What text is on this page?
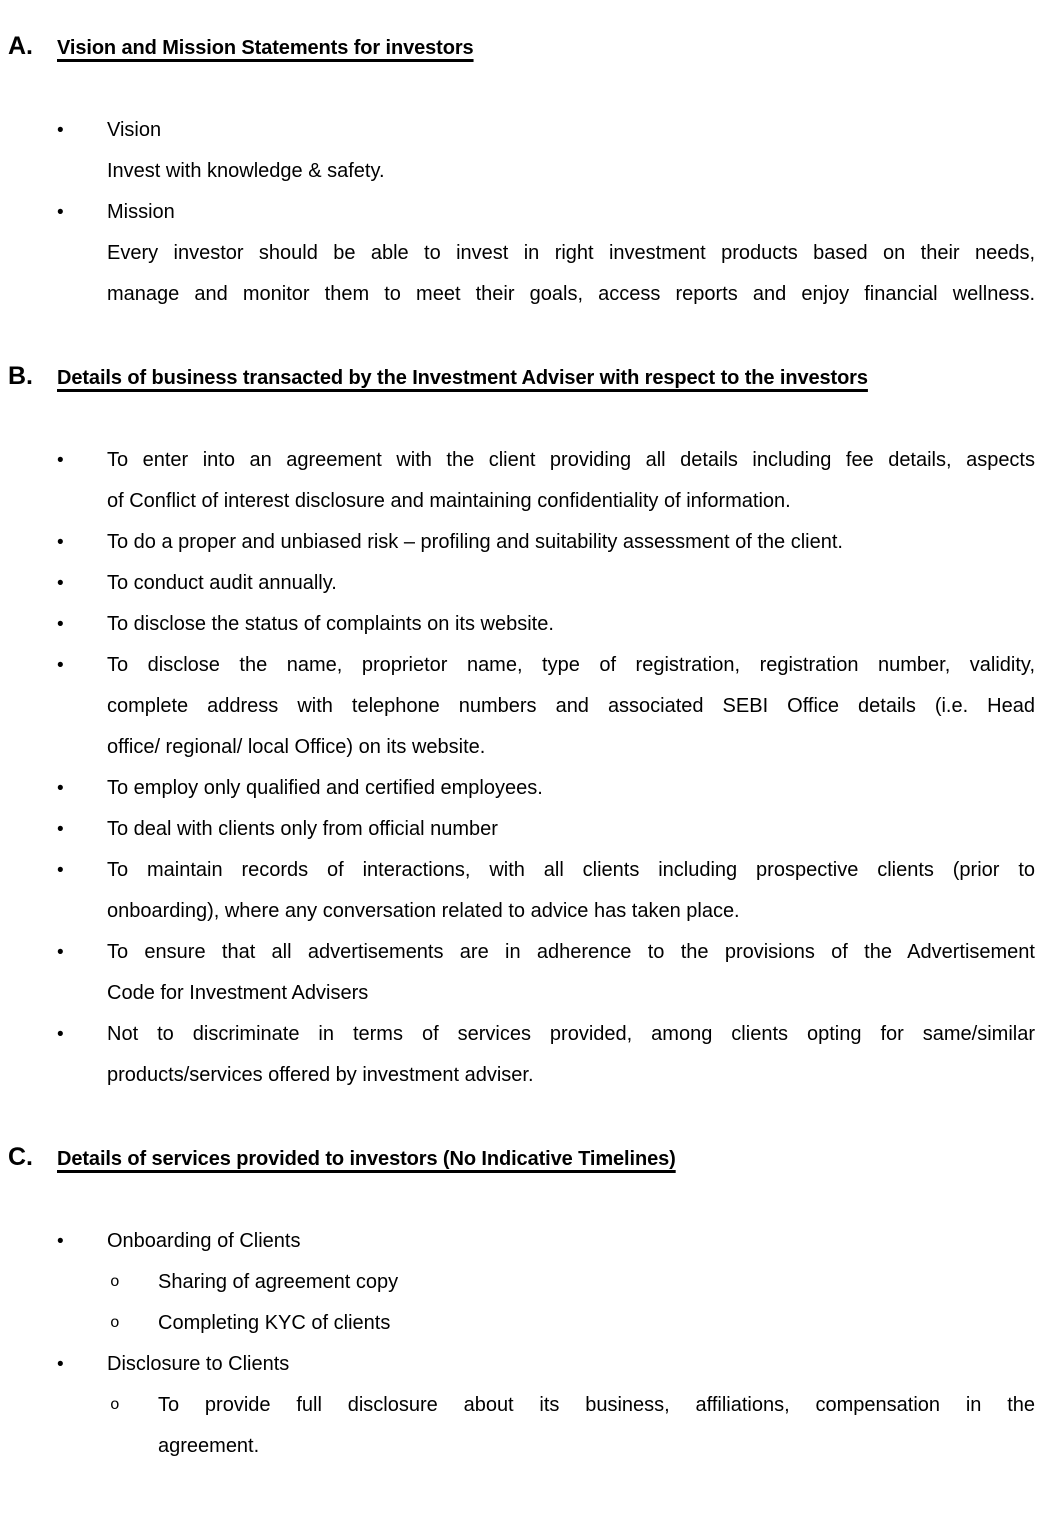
A.	Vision and Mission Statements for investors
•	Vision
Invest with knowledge & safety.
•	Mission
Every investor should be able to invest in right investment products based on their needs,
manage and monitor them to meet their goals, access reports and enjoy financial wellness.
B.	Details of business transacted by the Investment Adviser with respect to the investors
•	To enter into an agreement with the client providing all details including fee details, aspects
of Conflict of interest disclosure and maintaining confidentiality of information.
•	To do a proper and unbiased risk – profiling and suitability assessment of the client.
•	To conduct audit annually.
•	To disclose the status of complaints on its website.
•	To disclose the name, proprietor name, type of registration, registration number, validity,
complete address with telephone numbers and associated SEBI Office details (i.e. Head
office/ regional/ local Office) on its website.
•	To employ only qualified and certified employees.
•	To deal with clients only from official number
•	To maintain records of interactions, with all clients including prospective clients (prior to
onboarding), where any conversation related to advice has taken place.
•	To ensure that all advertisements are in adherence to the provisions of the Advertisement
Code for Investment Advisers
•	Not to discriminate in terms of services provided, among clients opting for same/similar
products/services offered by investment adviser.
C.	Details of services provided to investors (No Indicative Timelines)
•	Onboarding of Clients
o	Sharing of agreement copy
o	Completing KYC of clients
•	Disclosure to Clients
o	To provide full disclosure about its business, affiliations, compensation in the
agreement.
